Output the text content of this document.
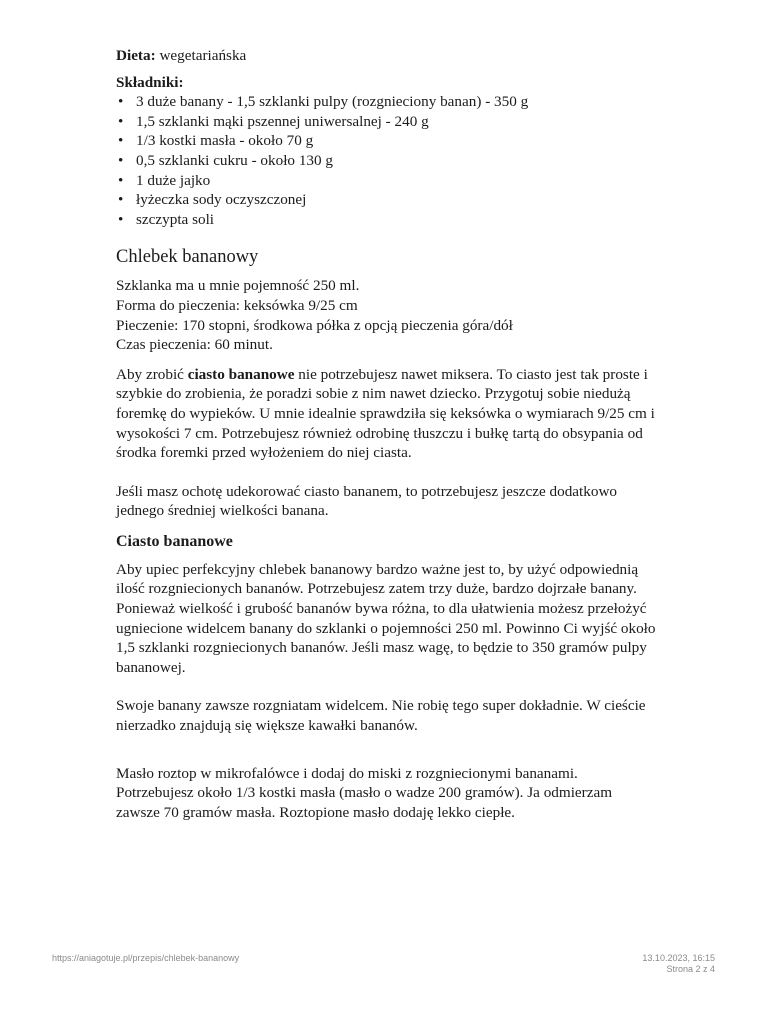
Dieta: wegetariańska

Składniki:

• 3 duże banany - 1,5 szklanki pulpy (rozgnieciony banan) - 350 g
• 1,5 szklanki mąki pszennej uniwersalnej - 240 g
• 1/3 kostki masła - około 70 g
• 0,5 szklanki cukru - około 130 g
• 1 duże jajko
• łyżeczka sody oczyszczonej
• szczypta soli
Chlebek bananowy

Szklanka ma u mnie pojemność 250 ml.

Forma do pieczenia: keksówka 9/25 cm

Pieczenie: 170 stopni, środkowa półka z opcją pieczenia góra/dół

Czas pieczenia: 60 minut.

Aby zrobić ciasto bananowe nie potrzebujesz nawet miksera. To ciasto jest tak proste i szybkie do zrobienia, że poradzi sobie z nim nawet dziecko. Przygotuj sobie niedużą foremkę do wypieków. U mnie idealnie sprawdziła się keksówka o wymiarach 9/25 cm i wysokości 7 cm. Potrzebujesz również odrobinę tłuszczu i bułkę tartą do obsypania od środka foremki przed wyłożeniem do niej ciasta.

Jeśli masz ochotę udekorować ciasto bananem, to potrzebujesz jeszcze dodatkowo jednego średniej wielkości banana.

Ciasto bananowe

Aby upiec perfekcyjny chlebek bananowy bardzo ważne jest to, by użyć odpowiednią ilość rozgniecionych bananów. Potrzebujesz zatem trzy duże, bardzo dojrzałe banany. Ponieważ wielkość i grubość bananów bywa różna, to dla ułatwienia możesz przełożyć ugniecione widelcem banany do szklanki o pojemności 250 ml. Powinno Ci wyjść około 1,5 szklanki rozgniecionych bananów. Jeśli masz wagę, to będzie to 350 gramów pulpy bananowej.

Swoje banany zawsze rozgniatam widelcem. Nie robię tego super dokładnie. W cieście nierzadko znajdują się większe kawałki bananów.

Masło roztop w mikrofalówce i dodaj do miski z rozgniecionymi bananami. Potrzebujesz około 1/3 kostki masła (masło o wadze 200 gramów). Ja odmierzam zawsze 70 gramów masła. Roztopione masło dodaję lekko ciepłe.

https://aniagotuje.pl/przepis/chlebek-bananowy	13.10.2023, 16:15
Strona 2 z 4
